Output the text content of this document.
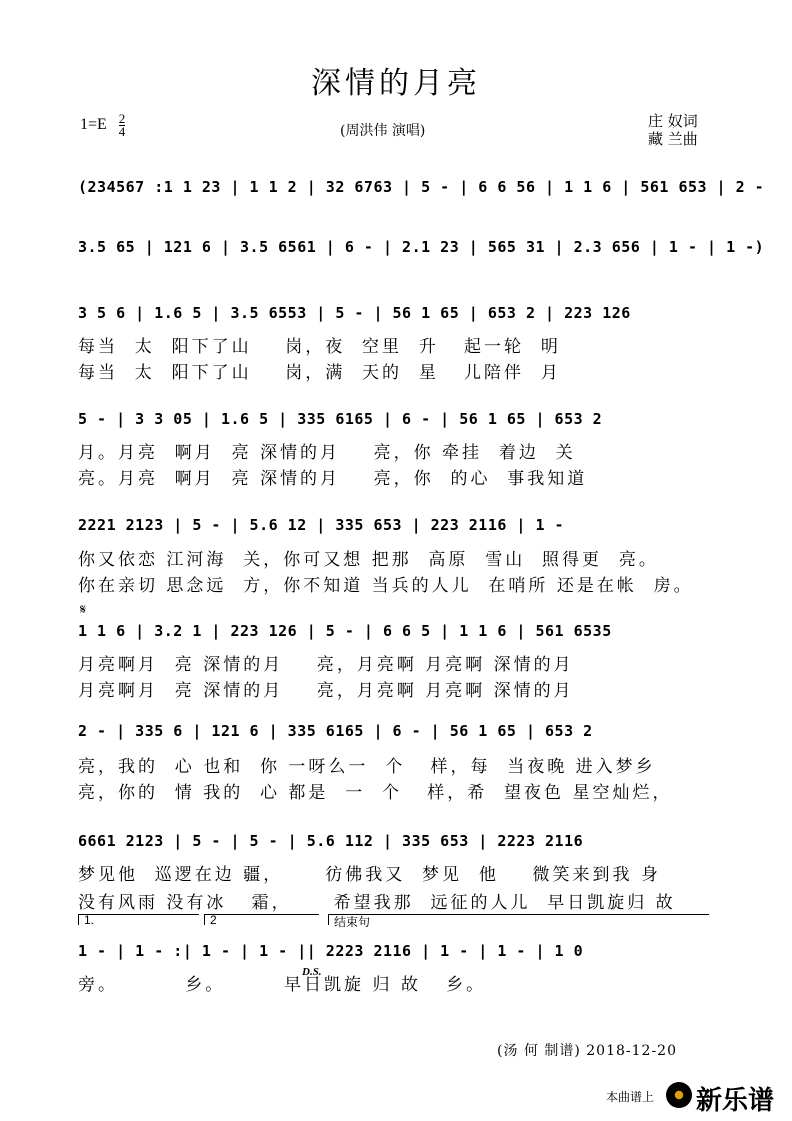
深情的月亮
$1=E \frac{2}{4}$	(周洪伟 演唱)
庄 奴词
藏 兰曲
(234567 :1 1 23 | 1 1 2 | 32 6763 | 5 - | 6 6 56 | 1 1 6 | 561 653 | 2 -
3.5 65 | 121 6 | 3.5 6561 | 6 - | 2.1 23 | 565 31 | 2.3 656 | 1 - | 1 -)
3 5 6 | 1.6 5 | 3.5 6553 | 5 - | 56 1 65 | 653 2 | 223 126
每当  太  阳下了山    岗，夜  空里  升   起一轮  明
每当  太  阳下了山    岗，满  天的  星   儿陪伴  月
5 - | 3 3 05 | 1.6 5 | 335 6165 | 6 - | 56 1 65 | 653 2
月。月亮  啊月  亮 深情的月    亮，你 牵挂  着边  关
亮。月亮  啊月  亮 深情的月    亮，你  的心  事我知道
2221 2123 | 5 - | 5.6 12 | 335 653 | 223 2116 | 1 -
你又依恋 江河海  关，你可又想 把那  高原  雪山  照得更  亮。
你在亲切 思念远  方，你不知道 当兵的人儿  在哨所 还是在帐  房。
𝄋
1 1 6 | 3.2 1 | 223 126 | 5 - | 6 6 5 | 1 1 6 | 561 6535
月亮啊月  亮 深情的月    亮，月亮啊 月亮啊 深情的月
月亮啊月  亮 深情的月    亮，月亮啊 月亮啊 深情的月
2 - | 335 6 | 121 6 | 335 6165 | 6 - | 56 1 65 | 653 2
亮，我的  心 也和  你 一呀么一  个   样，每  当夜晚 进入梦乡
亮，你的  情 我的  心 都是  一  个   样，希  望夜色 星空灿烂，
6661 2123 | 5 - | 5 - | 5.6 112 | 335 653 | 2223 2116
梦见他  巡逻在边 疆，     彷佛我又  梦见  他    微笑来到我 身
没有风雨 没有冰   霜，     希望我那  远征的人儿  早日凯旋归 故
1.	2	结束句
1 - | 1 - :| 1 - | 1 - || 2223 2116 | 1 - | 1 - | 1 0
D.S.
旁。        乡。       早日凯旋 归 故   乡。
(汤 何 制谱) 2018-12-20
本曲谱上 新乐谱
